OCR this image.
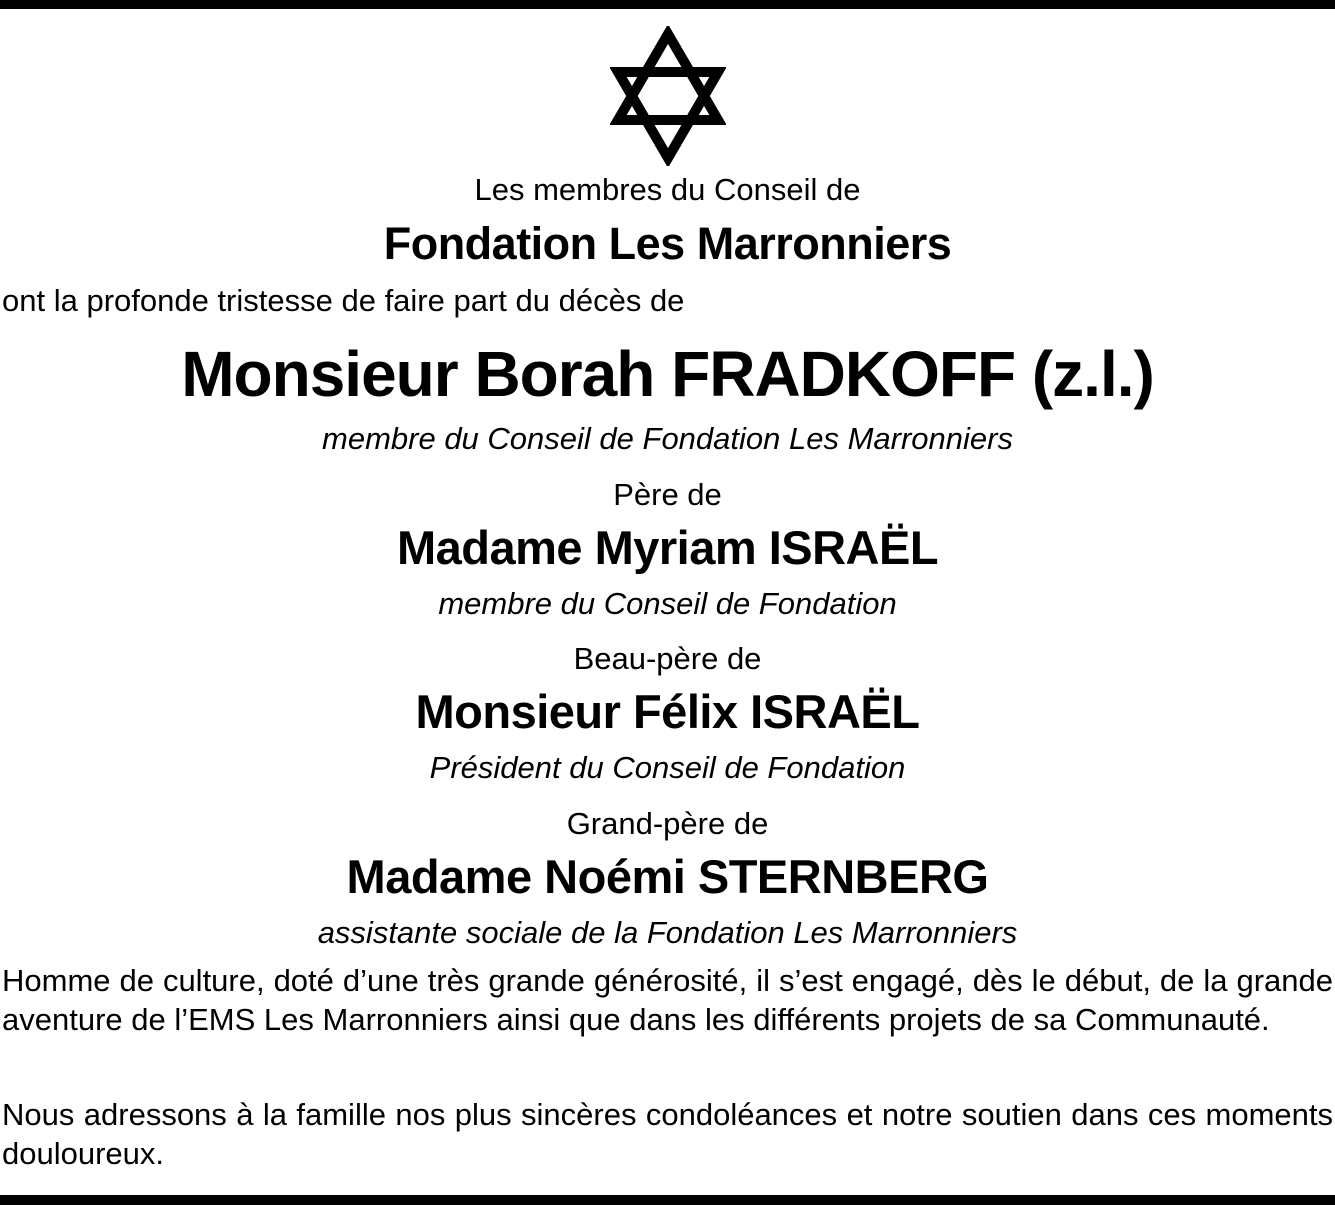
Les membres du Conseil de
Fondation Les Marronniers
ont la profonde tristesse de faire part du décès de
Monsieur Borah FRADKOFF (z.l.)
membre du Conseil de Fondation Les Marronniers
Père de
Madame Myriam ISRAËL
membre du Conseil de Fondation
Beau-père de
Monsieur Félix ISRAËL
Président du Conseil de Fondation
Grand-père de
Madame Noémi STERNBERG
assistante sociale de la Fondation Les Marronniers
Homme de culture, doté d’une très grande générosité, il s’est engagé, dès le début, de la grande aventure de l’EMS Les Marronniers ainsi que dans les différents projets de sa Communauté.
Nous adressons à la famille nos plus sincères condoléances et notre soutien dans ces moments douloureux.
